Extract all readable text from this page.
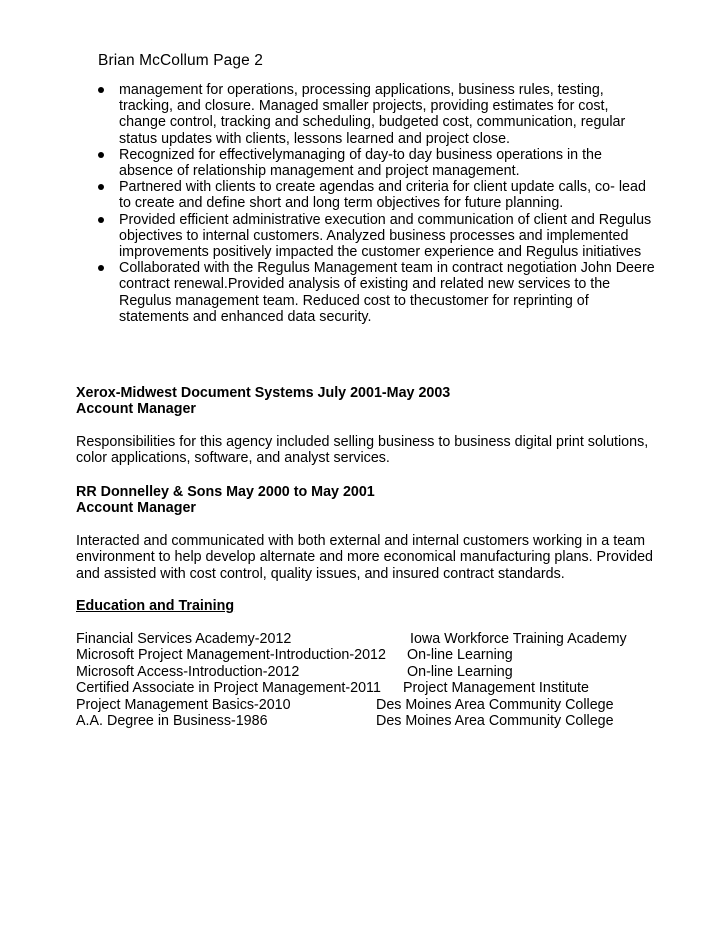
Brian McCollum Page 2
management for operations, processing applications, business rules, testing, tracking, and closure. Managed smaller projects, providing estimates for cost, change control, tracking and scheduling, budgeted cost, communication, regular status updates with clients, lessons learned and project close.
Recognized for effectivelymanaging of day-to day business operations in the absence of relationship management and project management.
Partnered with clients to create agendas and criteria for client update calls, co- lead to create and define short and long term objectives for future planning.
Provided efficient administrative execution and communication of client and Regulus objectives to internal customers. Analyzed business processes and implemented improvements positively impacted the customer experience and Regulus initiatives
Collaborated with the Regulus Management team in contract negotiation John Deere contract renewal.Provided analysis of existing and related new services to the Regulus management team. Reduced cost to thecustomer for reprinting of statements and enhanced data security.
Xerox-Midwest Document Systems July 2001-May 2003
Account Manager
Responsibilities for this agency included selling business to business digital print solutions, color applications, software, and analyst services.
RR Donnelley & Sons May 2000 to May 2001
Account Manager
Interacted and communicated with both external and internal customers working in a team environment to help develop alternate and more economical manufacturing plans. Provided and assisted with cost control, quality issues, and insured contract standards.
Education and Training
Financial Services Academy-2012	Iowa Workforce Training Academy
Microsoft Project Management-Introduction-2012 On-line Learning
Microsoft Access-Introduction-2012	On-line Learning
Certified Associate in Project Management-2011 Project Management Institute
Project Management Basics-2010	Des Moines Area Community College
A.A. Degree in Business-1986	Des Moines Area Community College
